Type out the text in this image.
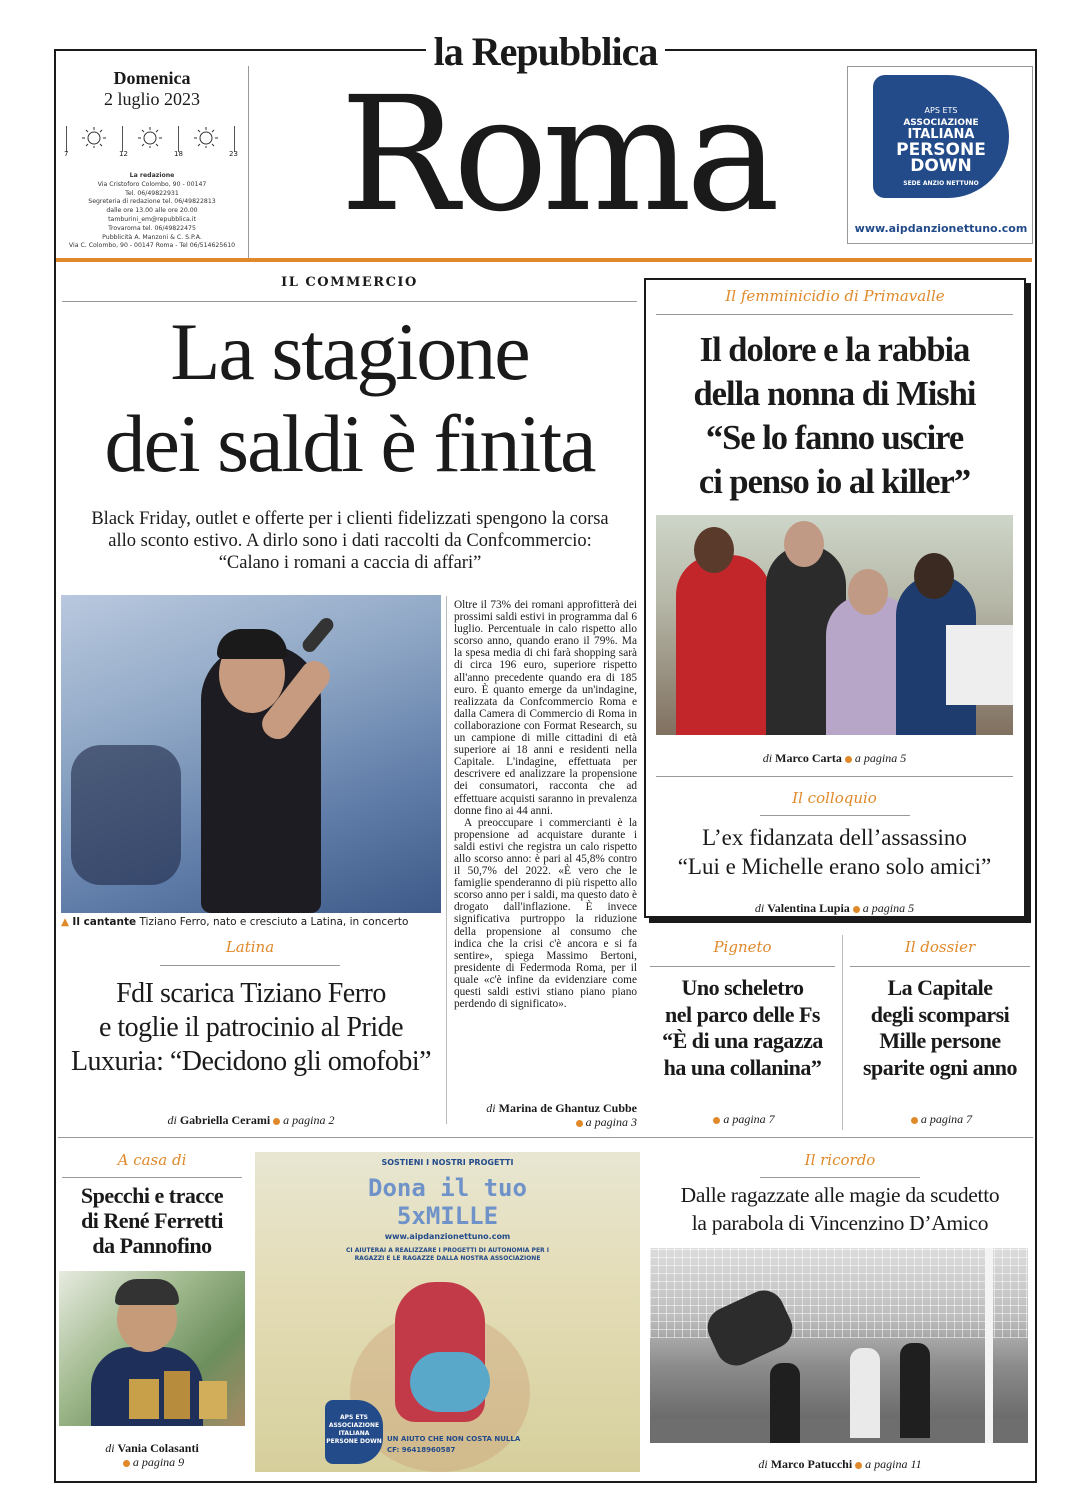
la Repubblica
Domenica
2 luglio 2023
7	12	18	23
La redazione
Via Cristoforo Colombo, 90 - 00147
Tel. 06/49822931
Segreteria di redazione tel. 06/49822813
dalle ore 13.00 alle ore 20.00
tamburini_em@repubblica.it
Trovaroma tel. 06/49822475
Pubblicità A. Manzoni & C. S.P.A.
Via C. Colombo, 90 - 00147 Roma - Tel 06/514625610 Roma	APS ETS
ASSOCIAZIONE
ITALIANA
PERSONE
DOWN
SEDE ANZIO NETTUNO
www.aipdanzionettuno.com
IL COMMERCIO
La stagione
dei saldi è finita
Black Friday, outlet e offerte per i clienti fidelizzati spengono la corsa allo sconto estivo. A dirlo sono i dati raccolti da Confcommercio: “Calano i romani a caccia di affari”
▲ Il cantante Tiziano Ferro, nato e cresciuto a Latina, in concerto

Oltre il 73% dei romani approfitterà dei prossimi saldi estivi in programma dal 6 luglio. Percentuale in calo rispetto allo scorso anno, quando erano il 79%. Ma la spesa media di chi farà shopping sarà di circa 196 euro, superiore rispetto all'anno precedente quando era di 185 euro. È quanto emerge da un'indagine, realizzata da Confcommercio Roma e dalla Camera di Commercio di Roma in collaborazione con Format Research, su un campione di mille cittadini di età superiore ai 18 anni e residenti nella Capitale. L'indagine, effettuata per descrivere ed analizzare la propensione dei consumatori, racconta che ad effettuare acquisti saranno in prevalenza donne fino ai 44 anni.

A preoccupare i commercianti è la propensione ad acquistare durante i saldi estivi che registra un calo rispetto allo scorso anno: è pari al 45,8% contro il 50,7% del 2022. «È vero che le famiglie spenderanno di più rispetto allo scorso anno per i saldi, ma questo dato è drogato dall'inflazione. È invece significativa purtroppo la riduzione della propensione al consumo che indica che la crisi c'è ancora e si fa sentire», spiega Massimo Bertoni, presidente di Federmoda Roma, per il quale «c'è infine da evidenziare come questi saldi estivi stiano piano piano perdendo di significato».

di Marina de Ghantuz Cubbe
a pagina 3
Latina
FdI scarica Tiziano Ferro
e toglie il patrocinio al Pride
Luxuria: “Decidono gli omofobi”
di Gabriella Cerami a pagina 2
Il femminicidio di Primavalle
Il dolore e la rabbia
della nonna di Mishi
“Se lo fanno uscire
ci penso io al killer”
di Marco Carta a pagina 5
Il colloquio
L’ex fidanzata dell’assassino
“Lui e Michelle erano solo amici”
di Valentina Lupia a pagina 5
Pigneto
Uno scheletro
nel parco delle Fs
“È di una ragazza
ha una collanina”
a pagina 7
Il dossier
La Capitale
degli scomparsi
Mille persone
sparite ogni anno
a pagina 7
A casa di
Specchi e tracce
di René Ferretti
da Pannofino
di Vania Colasanti
a pagina 9
SOSTIENI I NOSTRI PROGETTI
Dona il tuo
5xMILLE
www.aipdanzionettuno.com
CI AIUTERAI A REALIZZARE I PROGETTI DI AUTONOMIA PER I RAGAZZI E LE RAGAZZE DALLA NOSTRA ASSOCIAZIONE
APS ETS ASSOCIAZIONE ITALIANA PERSONE DOWN UN AIUTO CHE NON COSTA NULLA
CF: 96418960587
Il ricordo
Dalle ragazzate alle magie da scudetto
la parabola di Vincenzino D’Amico
di Marco Patucchi a pagina 11
